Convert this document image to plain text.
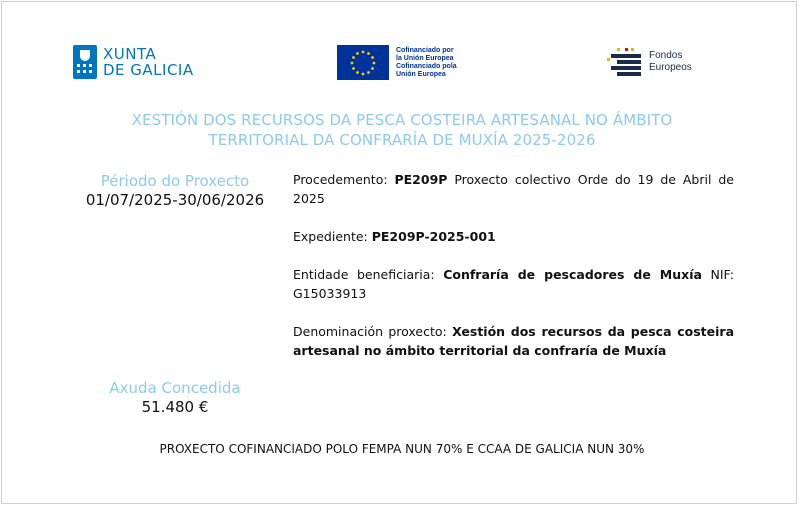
XUNTA
DE GALICIA
Cofinanciado por
la Unión Europea
Cofinanciado pola
Unión Europea
Fondos
Europeos
XESTIÓN DOS RECURSOS DA PESCA COSTEIRA ARTESANAL NO ÁMBITO
TERRITORIAL DA CONFRARÍA DE MUXÍA 2025-2026
Périodo do Proxecto
01/07/2025-30/06/2026
Axuda Concedida
51.480 €

Procedemento: PE209P Proxecto colectivo Orde do 19 de Abril de 2025

Expediente: PE209P-2025-001

Entidade beneficiaria: Confraría de pescadores de Muxía NIF: G15033913

Denominación proxecto: Xestión dos recursos da pesca costeira artesanal no ámbito territorial da confraría de Muxía

PROXECTO COFINANCIADO POLO FEMPA NUN 70% E CCAA DE GALICIA NUN 30%
